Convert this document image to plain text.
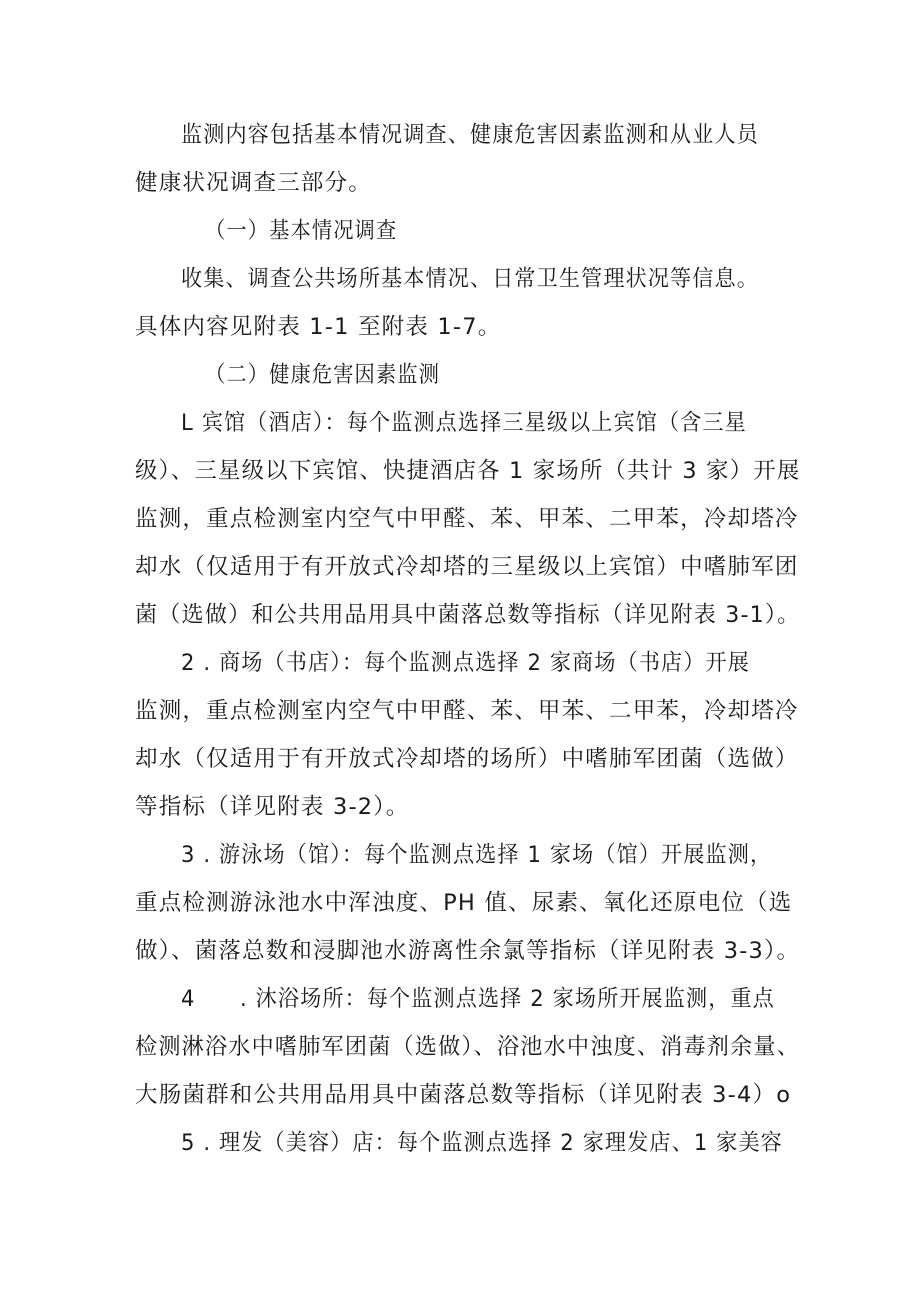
监测内容包括基本情况调查、健康危害因素监测和从业人员
健康状况调查三部分。
（一）基本情况调查
收集、调查公共场所基本情况、日常卫生管理状况等信息。
具体内容见附表 1-1 至附表 1-7。
（二）健康危害因素监测
L 宾馆（酒店）：每个监测点选择三星级以上宾馆（含三星
级）、三星级以下宾馆、快捷酒店各 1 家场所（共计 3 家）开展
监测，重点检测室内空气中甲醛、苯、甲苯、二甲苯，冷却塔冷
却水（仅适用于有开放式冷却塔的三星级以上宾馆）中嗜肺军团
菌（选做）和公共用品用具中菌落总数等指标（详见附表 3-1）。
2 . 商场（书店）：每个监测点选择 2 家商场（书店）开展
监测，重点检测室内空气中甲醛、苯、甲苯、二甲苯，冷却塔冷
却水（仅适用于有开放式冷却塔的场所）中嗜肺军团菌（选做）
等指标（详见附表 3-2）。
3 . 游泳场（馆）：每个监测点选择 1 家场（馆）开展监测，
重点检测游泳池水中浑浊度、PH 值、尿素、氧化还原电位（选
做）、菌落总数和浸脚池水游离性余氯等指标（详见附表 3-3）。
4　　. 沐浴场所：每个监测点选择 2 家场所开展监测，重点
检测淋浴水中嗜肺军团菌（选做）、浴池水中浊度、消毒剂余量、
大肠菌群和公共用品用具中菌落总数等指标（详见附表 3-4）o
5 . 理发（美容）店：每个监测点选择 2 家理发店、1 家美容
